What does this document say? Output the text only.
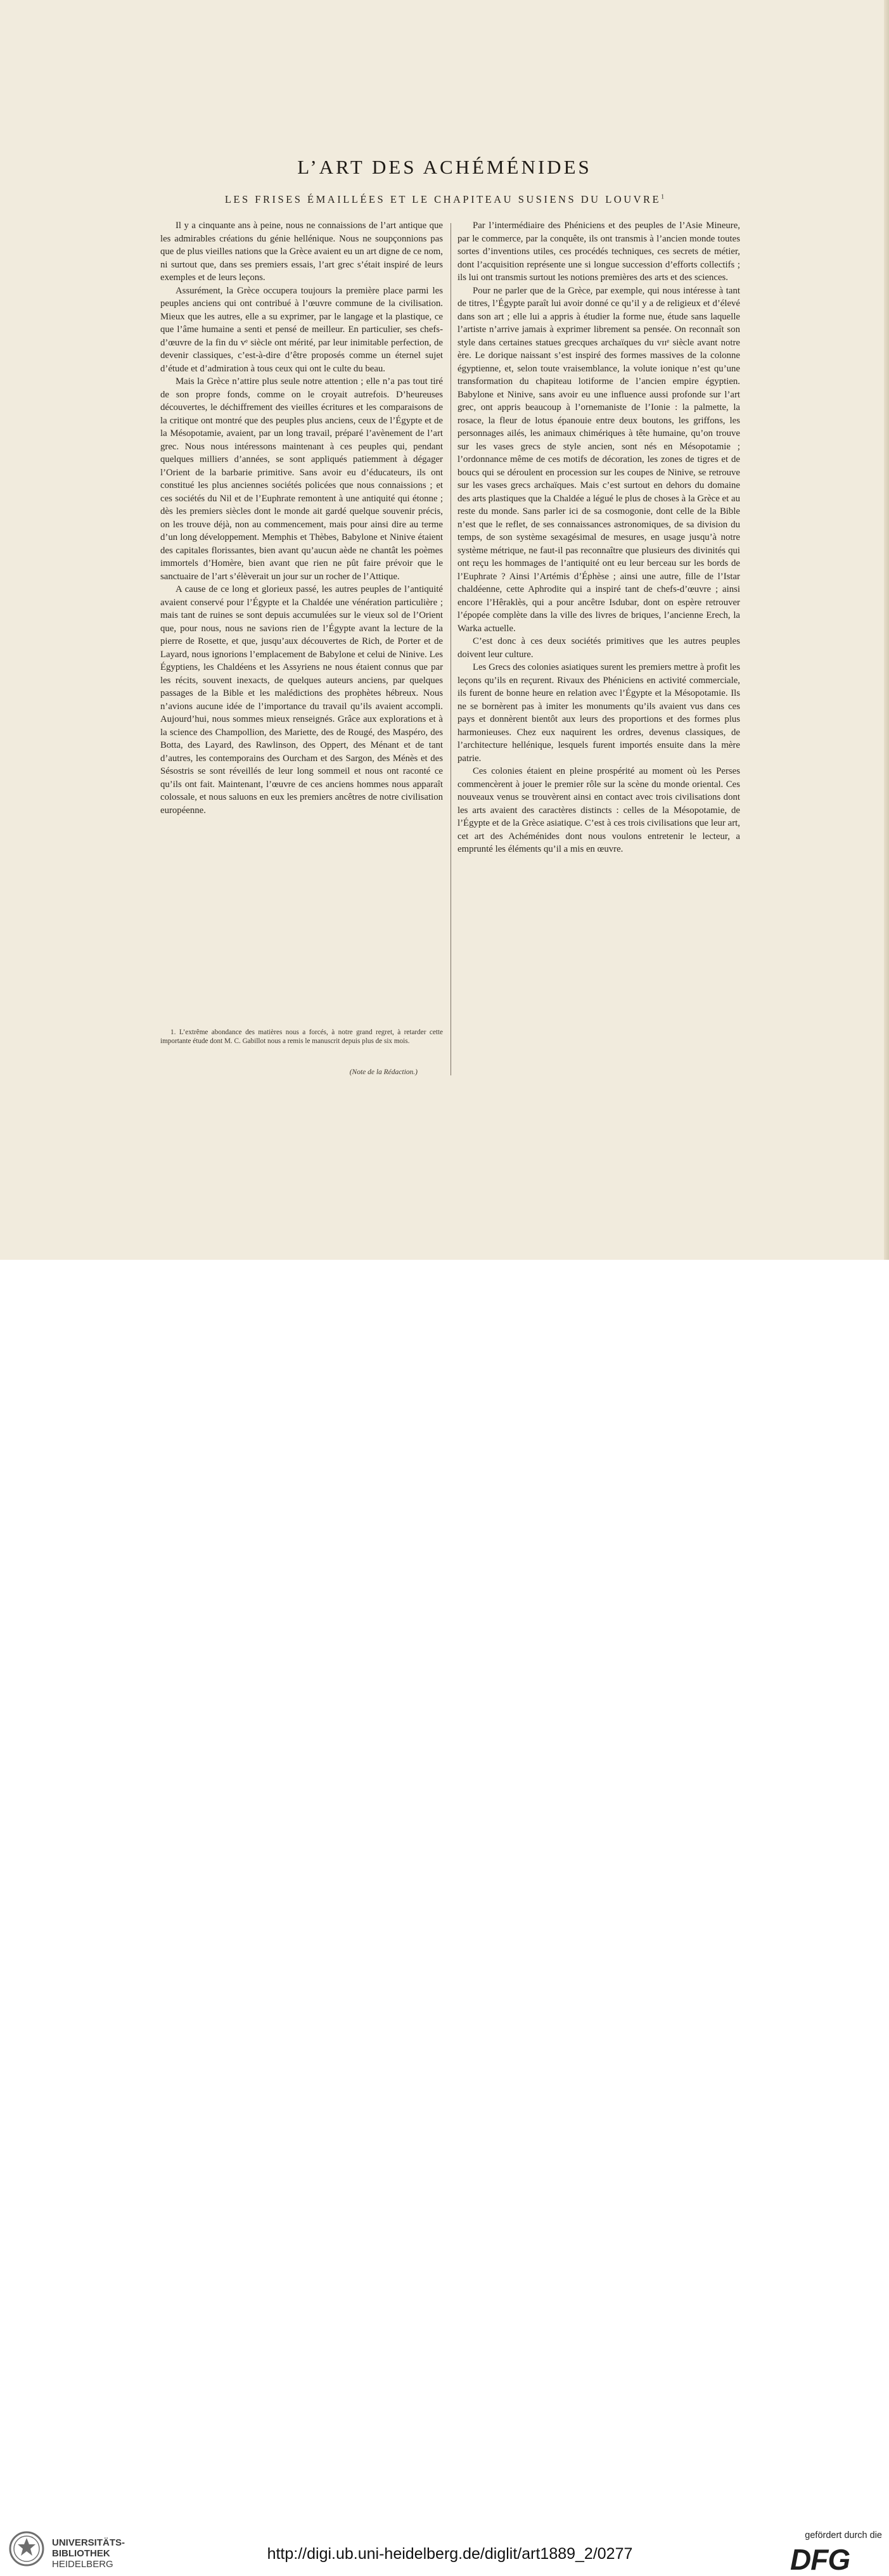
L’ART DES ACHÉMÉNIDES
LES FRISES ÉMAILLÉES ET LE CHAPITEAU SUSIENS DU LOUVRE$^1$

Il y a cinquante ans à peine, nous ne connaissions de l’art antique que les admirables créations du génie hellénique. Nous ne soupçonnions pas que de plus vieilles nations que la Grèce avaient eu un art digne de ce nom, ni surtout que, dans ses premiers essais, l’art grec s’était inspiré de leurs exemples et de leurs leçons.

Assurément, la Grèce occupera toujours la première place parmi les peuples anciens qui ont contribué à l’œuvre commune de la civilisation. Mieux que les autres, elle a su exprimer, par le langage et la plastique, ce que l’âme humaine a senti et pensé de meilleur. En particulier, ses chefs-d’œuvre de la fin du vᵉ siècle ont mérité, par leur inimitable perfection, de devenir classiques, c’est-à-dire d’être proposés comme un éternel sujet d’étude et d’admiration à tous ceux qui ont le culte du beau.

Mais la Grèce n’attire plus seule notre attention ; elle n’a pas tout tiré de son propre fonds, comme on le croyait autrefois. D’heureuses découvertes, le déchiffrement des vieilles écritures et les comparaisons de la critique ont montré que des peuples plus anciens, ceux de l’Égypte et de la Mésopotamie, avaient, par un long travail, préparé l’avènement de l’art grec. Nous nous intéressons maintenant à ces peuples qui, pendant quelques milliers d’années, se sont appliqués patiemment à dégager l’Orient de la barbarie primitive. Sans avoir eu d’éducateurs, ils ont constitué les plus anciennes sociétés policées que nous connaissions ; et ces sociétés du Nil et de l’Euphrate remontent à une antiquité qui étonne ; dès les premiers siècles dont le monde ait gardé quelque souvenir précis, on les trouve déjà, non au commencement, mais pour ainsi dire au terme d’un long développement. Memphis et Thèbes, Babylone et Ninive étaient des capitales florissantes, bien avant qu’aucun aède ne chantât les poèmes immortels d’Homère, bien avant que rien ne pût faire prévoir que le sanctuaire de l’art s’élèverait un jour sur un rocher de l’Attique.

A cause de ce long et glorieux passé, les autres peuples de l’antiquité avaient conservé pour l’Égypte et la Chaldée une vénération particulière ; mais tant de ruines se sont depuis accumulées sur le vieux sol de l’Orient que, pour nous, nous ne savions rien de l’Égypte avant la lecture de la pierre de Rosette, et que, jusqu’aux découvertes de Rich, de Porter et de Layard, nous ignorions l’emplacement de Babylone et celui de Ninive. Les Égyptiens, les Chaldéens et les Assyriens ne nous étaient connus que par les récits, souvent inexacts, de quelques auteurs anciens, par quelques passages de la Bible et les malédictions des prophètes hébreux. Nous n’avions aucune idée de l’importance du travail qu’ils avaient accompli. Aujourd’hui, nous sommes mieux renseignés. Grâce aux explorations et à la science des Champollion, des Mariette, des de Rougé, des Maspéro, des Botta, des Layard, des Rawlinson, des Oppert, des Ménant et de tant d’autres, les contemporains des Ourcham et des Sargon, des Ménès et des Sésostris se sont réveillés de leur long sommeil et nous ont raconté ce qu’ils ont fait. Maintenant, l’œuvre de ces anciens hommes nous apparaît colossale, et nous saluons en eux les premiers ancêtres de notre civilisation européenne.

Par l’intermédiaire des Phéniciens et des peuples de l’Asie Mineure, par le commerce, par la conquête, ils ont transmis à l’ancien monde toutes sortes d’inventions utiles, ces procédés techniques, ces secrets de métier, dont l’acquisition représente une si longue succession d’efforts collectifs ; ils lui ont transmis surtout les notions premières des arts et des sciences.

Pour ne parler que de la Grèce, par exemple, qui nous intéresse à tant de titres, l’Égypte paraît lui avoir donné ce qu’il y a de religieux et d’élevé dans son art ; elle lui a appris à étudier la forme nue, étude sans laquelle l’artiste n’arrive jamais à exprimer librement sa pensée. On reconnaît son style dans certaines statues grecques archaïques du vɪɪᵉ siècle avant notre ère. Le dorique naissant s’est inspiré des formes massives de la colonne égyptienne, et, selon toute vraisemblance, la volute ionique n’est qu’une transformation du chapiteau lotiforme de l’ancien empire égyptien. Babylone et Ninive, sans avoir eu une influence aussi profonde sur l’art grec, ont appris beaucoup à l’ornemaniste de l’Ionie : la palmette, la rosace, la fleur de lotus épanouie entre deux boutons, les griffons, les personnages ailés, les animaux chimériques à tête humaine, qu’on trouve sur les vases grecs de style ancien, sont nés en Mésopotamie ; l’ordonnance même de ces motifs de décoration, les zones de tigres et de boucs qui se déroulent en procession sur les coupes de Ninive, se retrouve sur les vases grecs archaïques. Mais c’est surtout en dehors du domaine des arts plastiques que la Chaldée a légué le plus de choses à la Grèce et au reste du monde. Sans parler ici de sa cosmogonie, dont celle de la Bible n’est que le reflet, de ses connaissances astronomiques, de sa division du temps, de son système sexagésimal de mesures, en usage jusqu’à notre système métrique, ne faut-il pas reconnaître que plusieurs des divinités qui ont reçu les hommages de l’antiquité ont eu leur berceau sur les bords de l’Euphrate ? Ainsi l’Artémis d’Éphèse ; ainsi une autre, fille de l’Istar chaldéenne, cette Aphrodite qui a inspiré tant de chefs-d’œuvre ; ainsi encore l’Hêraklès, qui a pour ancêtre Isdubar, dont on espère retrouver l’épopée complète dans la ville des livres de briques, l’ancienne Erech, la Warka actuelle.

C’est donc à ces deux sociétés primitives que les autres peuples doivent leur culture.

Les Grecs des colonies asiatiques surent les premiers mettre à profit les leçons qu’ils en reçurent. Rivaux des Phéniciens en activité commerciale, ils furent de bonne heure en relation avec l’Égypte et la Mésopotamie. Ils ne se bornèrent pas à imiter les monuments qu’ils avaient vus dans ces pays et donnèrent bientôt aux leurs des proportions et des formes plus harmonieuses. Chez eux naquirent les ordres, devenus classiques, de l’architecture hellénique, lesquels furent importés ensuite dans la mère patrie.

Ces colonies étaient en pleine prospérité au moment où les Perses commencèrent à jouer le premier rôle sur la scène du monde oriental. Ces nouveaux venus se trouvèrent ainsi en contact avec trois civilisations dont les arts avaient des caractères distincts : celles de la Mésopotamie, de l’Égypte et de la Grèce asiatique. C’est à ces trois civilisations que leur art, cet art des Achéménides dont nous voulons entretenir le lecteur, a emprunté les éléments qu’il a mis en œuvre.

1. L’extrême abondance des matières nous a forcés, à notre grand regret, à retarder cette importante étude dont M. C. Gabillot nous a remis le manuscrit depuis plus de six mois.

(Note de la Rédaction.)
UNIVERSITÄTS-
BIBLIOTHEK
HEIDELBERG
http://digi.ub.uni-heidelberg.de/diglit/art1889_2/0277
gefördert durch die
DFG
